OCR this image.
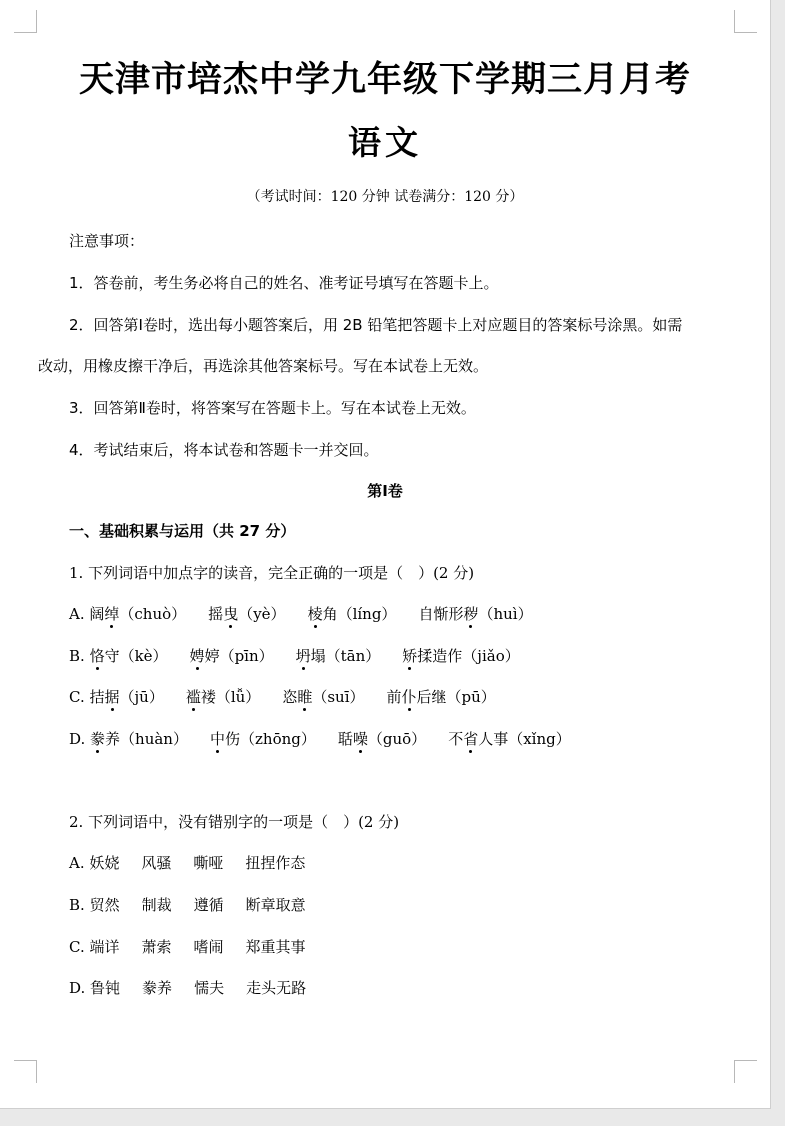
天津市培杰中学九年级下学期三月月考
语文
（考试时间：120 分钟 试卷满分：120 分）
注意事项：
1．答卷前，考生务必将自己的姓名、准考证号填写在答题卡上。
2．回答第Ⅰ卷时，选出每小题答案后，用 2B 铅笔把答题卡上对应题目的答案标号涂黑。如需
改动，用橡皮擦干净后，再选涂其他答案标号。写在本试卷上无效。
3．回答第Ⅱ卷时，将答案写在答题卡上。写在本试卷上无效。
4．考试结束后，将本试卷和答题卡一并交回。
第Ⅰ卷
一、基础积累与运用（共 27 分）
1. 下列词语中加点字的读音，完全正确的一项是（　）(2 分)
2. 下列词语中，没有错别字的一项是（　）(2 分)
A. 阔绰（chuò） 摇曳（yè） 棱角（líng） 自惭形秽（huì）
B. 恪守（kè） 娉婷（pīn） 坍塌（tān） 矫揉造作（jiǎo）
C. 拮据（jū） 褴褛（lǚ） 恣睢（suī） 前仆后继（pū）
D. 豢养（huàn） 中伤（zhōng） 聒噪（guō） 不省人事（xǐng）
A. 妖娆 风骚 嘶哑 扭捏作态
B. 贸然 制裁 遵循 断章取意
C. 端详 萧索 嗜闹 郑重其事
D. 鲁钝 豢养 懦夫 走头无路
